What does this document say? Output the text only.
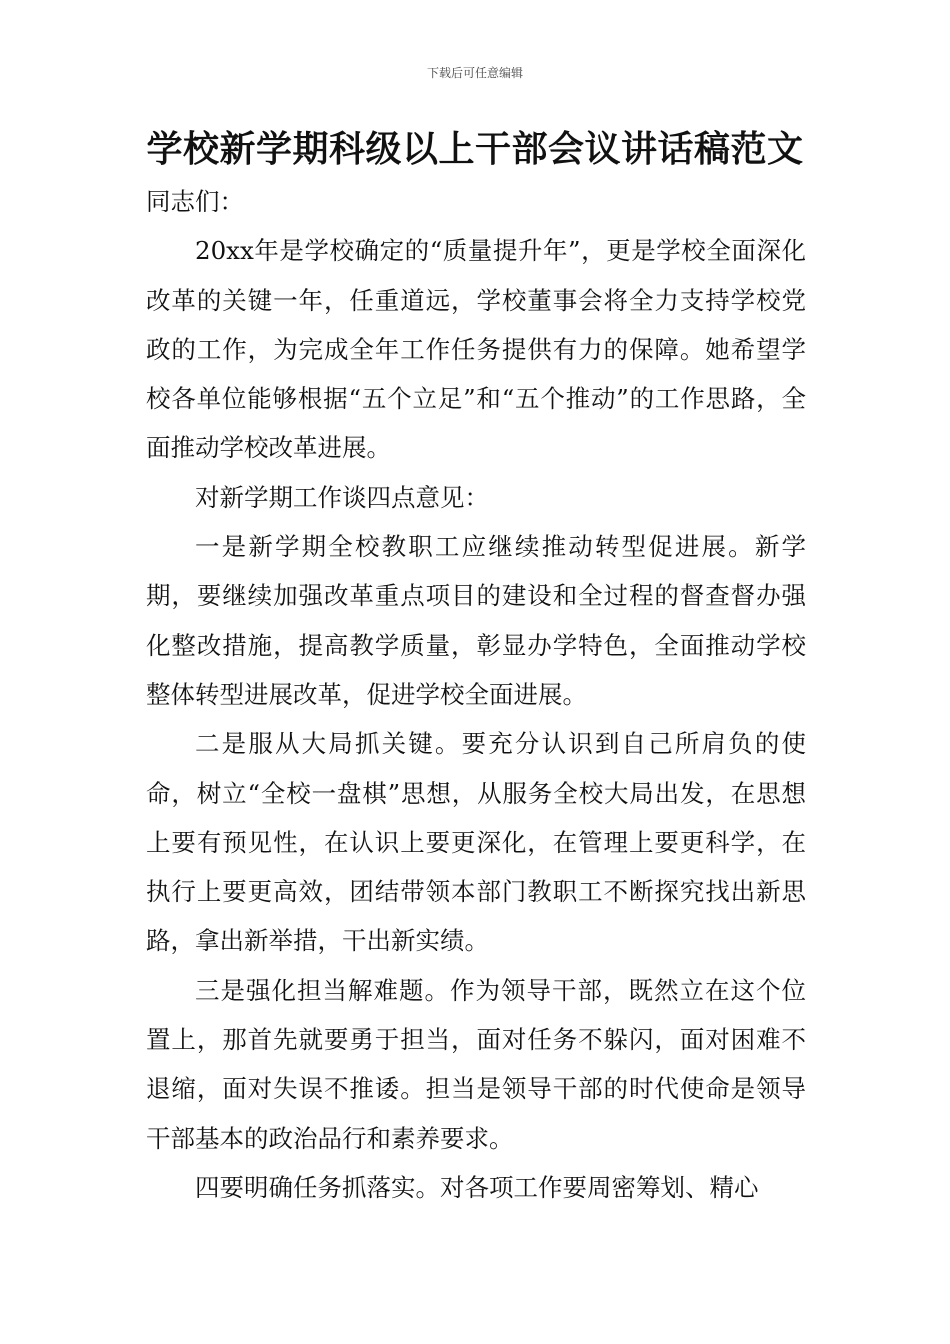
下载后可任意编辑
学校新学期科级以上干部会议讲话稿范文

同志们：

20xx年是学校确定的“质量提升年”，更是学校全面深化改革的关键一年，任重道远，学校董事会将全力支持学校党政的工作，为完成全年工作任务提供有力的保障。她希望学校各单位能够根据“五个立足”和“五个推动”的工作思路，全面推动学校改革进展。

对新学期工作谈四点意见：

一是新学期全校教职工应继续推动转型促进展。新学期，要继续加强改革重点项目的建设和全过程的督查督办强化整改措施，提高教学质量，彰显办学特色，全面推动学校整体转型进展改革，促进学校全面进展。

二是服从大局抓关键。要充分认识到自己所肩负的使命，树立“全校一盘棋”思想，从服务全校大局出发，在思想上要有预见性，在认识上要更深化，在管理上要更科学，在执行上要更高效，团结带领本部门教职工不断探究找出新思路，拿出新举措，干出新实绩。

三是强化担当解难题。作为领导干部，既然立在这个位置上，那首先就要勇于担当，面对任务不躲闪，面对困难不退缩，面对失误不推诿。担当是领导干部的时代使命是领导干部基本的政治品行和素养要求。

四要明确任务抓落实。对各项工作要周密筹划、精心
